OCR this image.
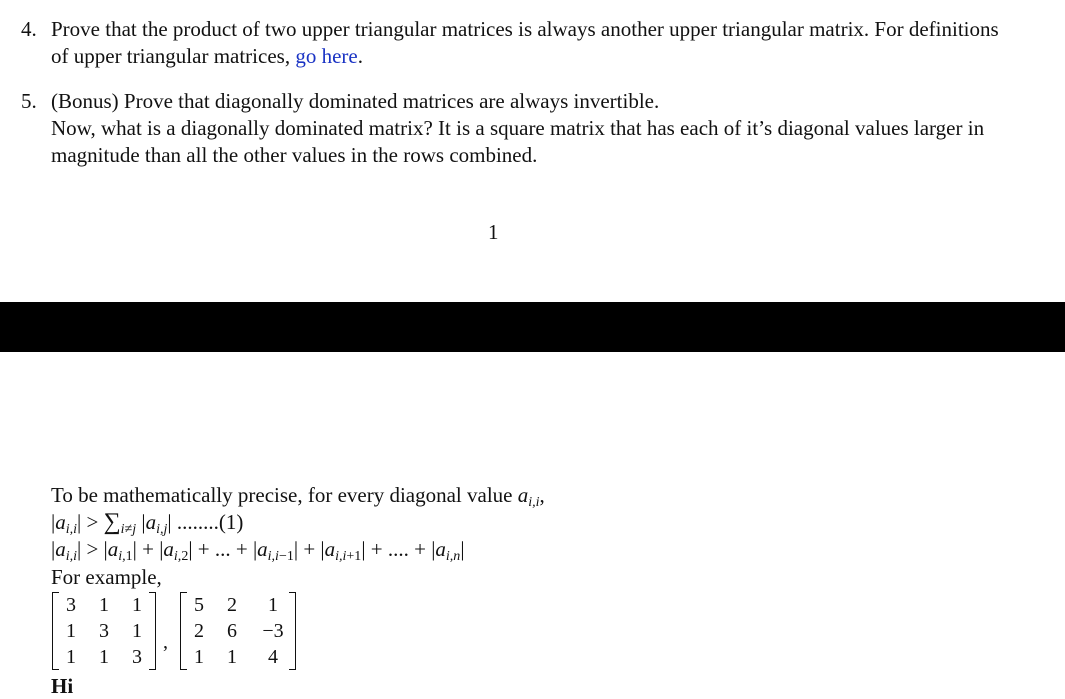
4. Prove that the product of two upper triangular matrices is always another upper triangular matrix. For definitions of upper triangular matrices, go here.
5. (Bonus) Prove that diagonally dominated matrices are always invertible.
Now, what is a diagonally dominated matrix? It is a square matrix that has each of it’s diagonal values larger in magnitude than all the other values in the rows combined.
1
To be mathematically precise, for every diagonal value $a_{i,i}$,
$|a_{i,i}| > \sum_{i\ne j}$ $|a_{i,j}|$ ........(1)
$|a_{i,i}| > |a_{i,1}| + |a_{i,2}|$ + ... + $|a_{i,i-1}| + |a_{i,i+1}|$ + .... + $|a_{i,n}|$
For example,
3	1	1
1	3	1
1	1	3
,
5	2	1
2	6	−3
1	1	4
Hi
